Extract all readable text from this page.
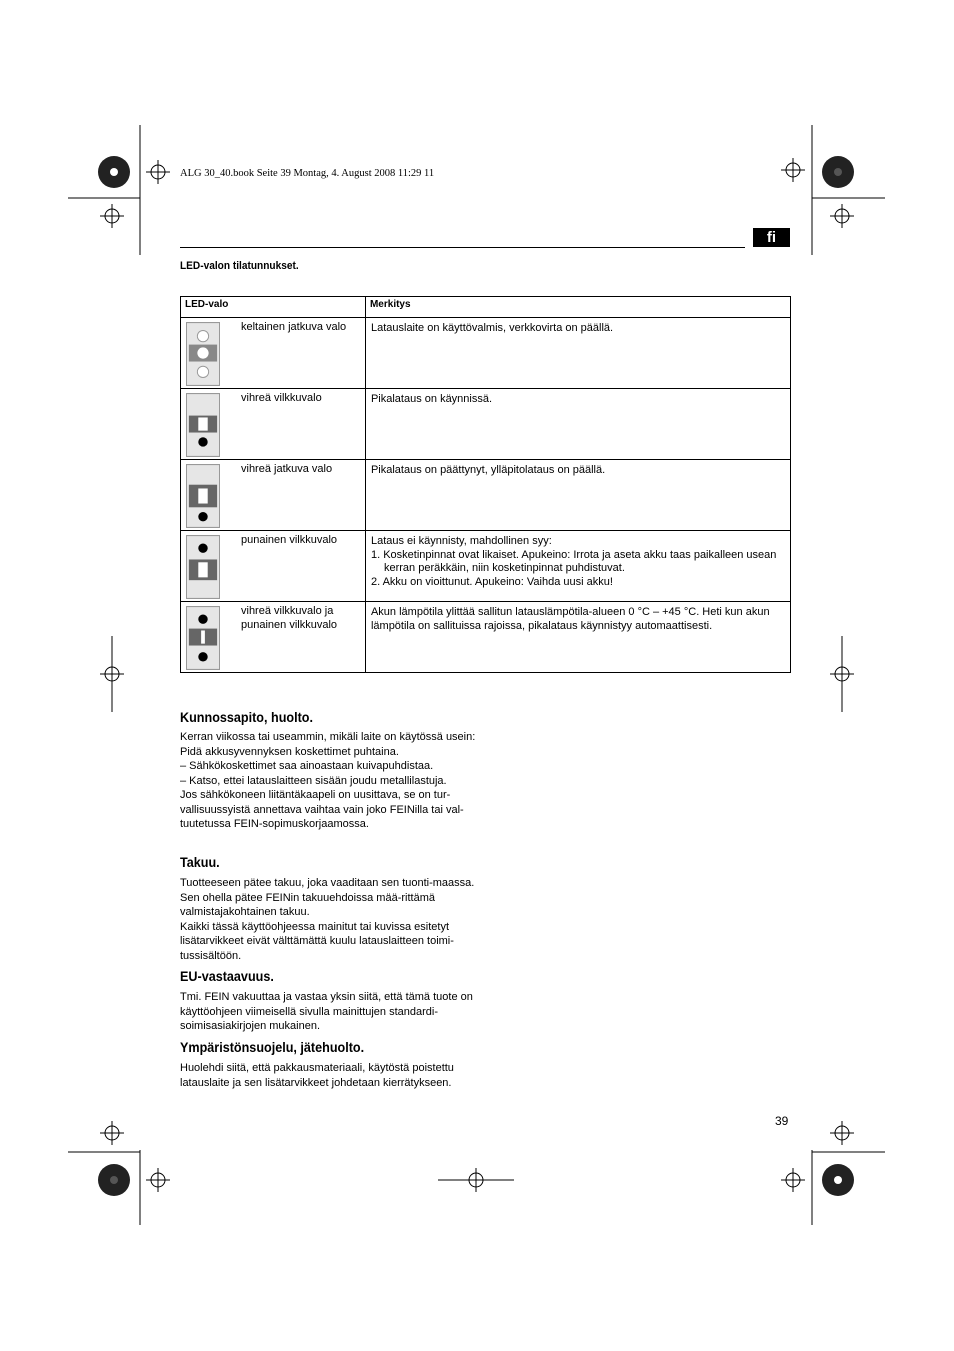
ALG 30_40.book Seite 39 Montag, 4. August 2008 11:29 11
fi
LED-valon tilatunnukset.
LED-valo	Merkitys

keltainen jatkuva valo	Latauslaite on käyttövalmis, verkkovirta on päällä.

vihreä vilkkuvalo	Pikalataus on käynnissä.

vihreä jatkuva valo	Pikalataus on päättynyt, ylläpitolataus on päällä.

punainen vilkkuvalo	Lataus ei käynnisty, mahdollinen syy:
1. Kosketinpinnat ovat likaiset. Apukeino: Irrota ja aseta akku taas paikalleen usean kerran peräkkäin, niin kosketinpinnat puhdistuvat.
2. Akku on vioittunut. Apukeino: Vaihda uusi akku!

vihreä vilkkuvalo ja punainen vilkkuvalo	Akun lämpötila ylittää sallitun latauslämpötila-alueen 0 °C – +45 °C. Heti kun akun lämpötila on sallituissa rajoissa, pikalataus käynnistyy automaattisesti.
Kunnossapito, huolto.

Kerran viikossa tai useammin, mikäli laite on käytössä usein:

Pidä akkusyvennyksen koskettimet puhtaina.

– Sähkökoskettimet saa ainoastaan kuivapuhdistaa.

– Katso, ettei latauslaitteen sisään joudu metallilastuja.

Jos sähkökoneen liitäntäkaapeli on uusittava, se on tur-vallisuussyistä annettava vaihtaa vain joko FEINilla tai val-tuutetussa FEIN-sopimuskorjaamossa.

Takuu.

Tuotteeseen pätee takuu, joka vaaditaan sen tuonti-maassa. Sen ohella pätee FEINin takuuehdoissa mää-rittämä valmistajakohtainen takuu.

Kaikki tässä käyttöohjeessa mainitut tai kuvissa esitetyt lisätarvikkeet eivät välttämättä kuulu latauslaitteen toimi-tussisältöön.

EU-vastaavuus.

Tmi. FEIN vakuuttaa ja vastaa yksin siitä, että tämä tuote on käyttöohjeen viimeisellä sivulla mainittujen standardi-soimisasiakirjojen mukainen.

Ympäristönsuojelu, jätehuolto.

Huolehdi siitä, että pakkausmateriaali, käytöstä poistettu latauslaite ja sen lisätarvikkeet johdetaan kierrätykseen.

39
